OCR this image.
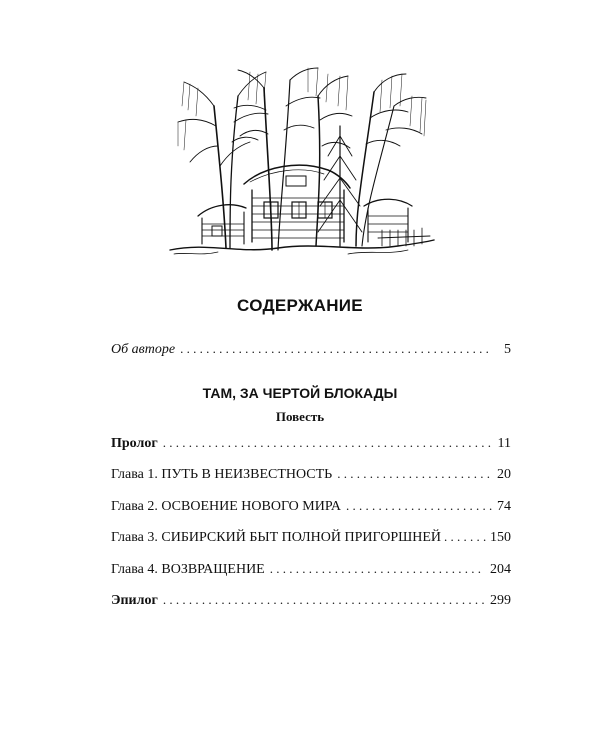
СОДЕРЖАНИЕ
Об авторе . . .	5
ТАМ, ЗА ЧЕРТОЙ БЛОКАДЫ
Повесть
Пролог . . .	11
Глава 1. ПУТЬ В НЕИЗВЕСТНОСТЬ . . .	20
Глава 2. ОСВОЕНИЕ НОВОГО МИРА . . .	74
Глава 3. СИБИРСКИЙ БЫТ ПОЛНОЙ ПРИГОРШНЕЙ . . .	150
Глава 4. ВОЗВРАЩЕНИЕ . . .	204
Эпилог . . .	299
